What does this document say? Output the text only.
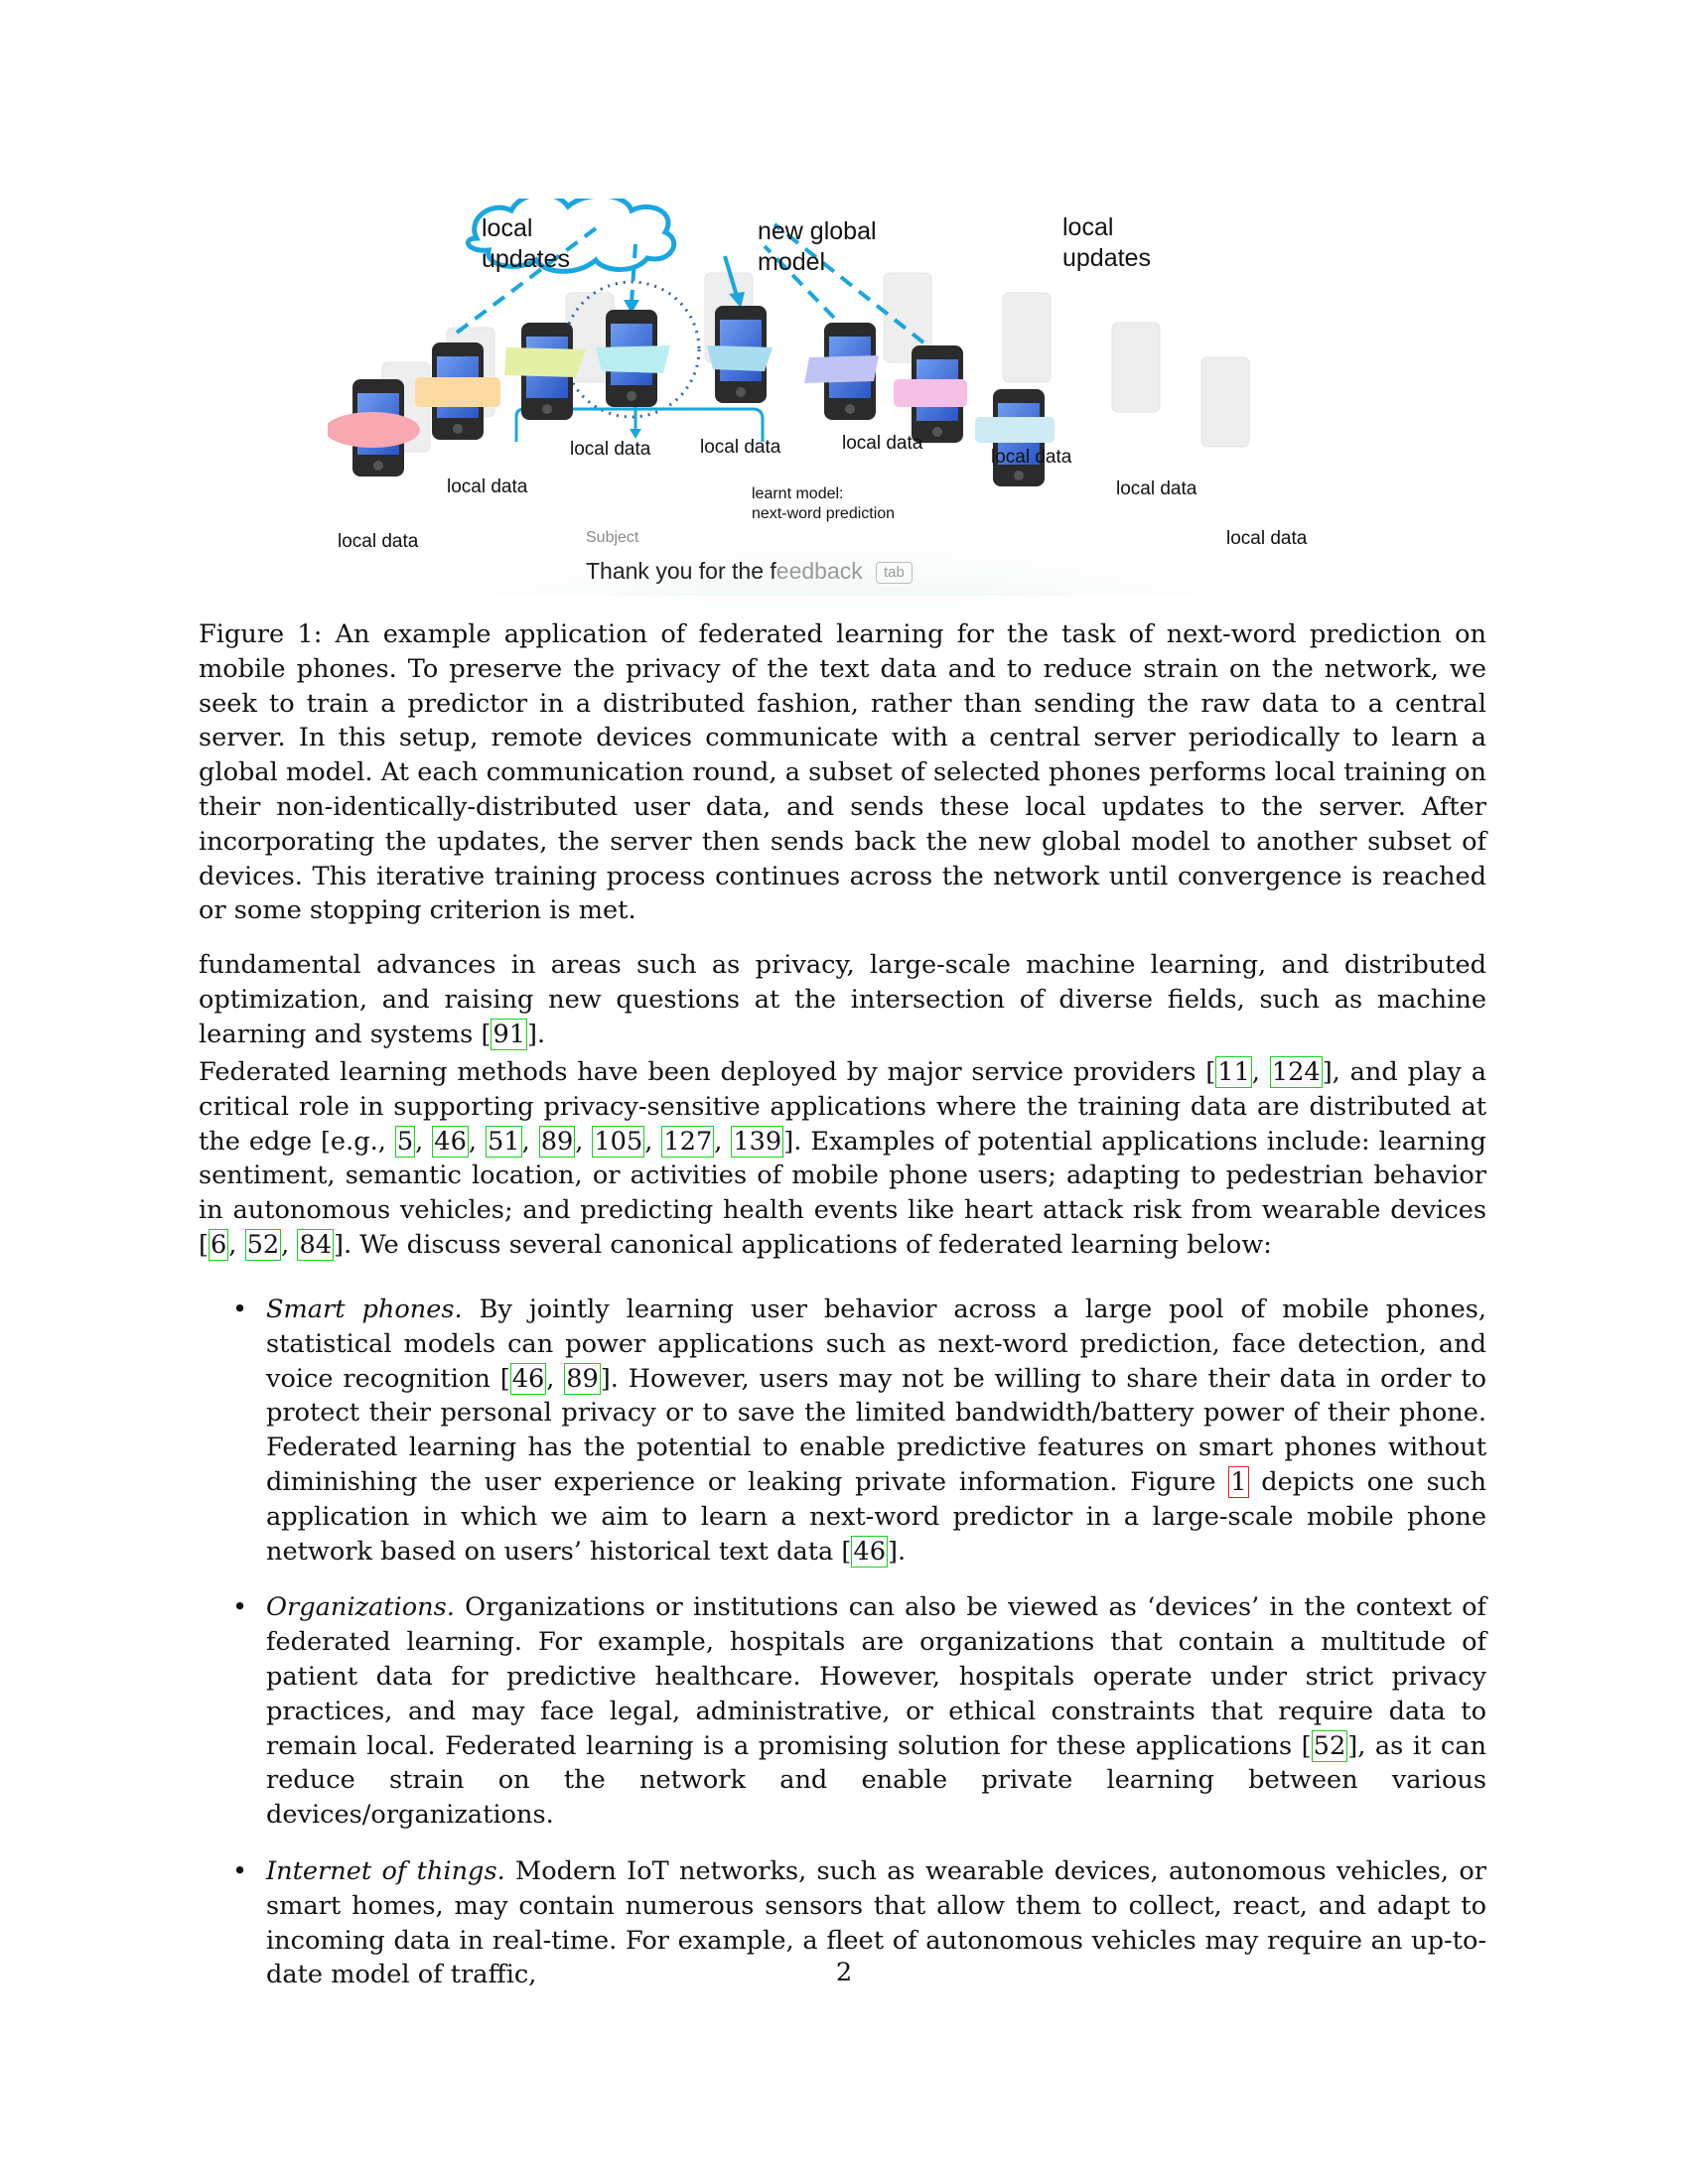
local
updates
new global
model
local
updates
learnt model:
next-word prediction
local data
local data
local data	local data	local data
local data
local data
local data
Subject
Thank you for the feedback	tab

Figure 1: An example application of federated learning for the task of next-word prediction on mobile phones. To preserve the privacy of the text data and to reduce strain on the network, we seek to train a predictor in a distributed fashion, rather than sending the raw data to a central server. In this setup, remote devices communicate with a central server periodically to learn a global model. At each communication round, a subset of selected phones performs local training on their non-identically-distributed user data, and sends these local updates to the server. After incorporating the updates, the server then sends back the new global model to another subset of devices. This iterative training process continues across the network until convergence is reached or some stopping criterion is met.

fundamental advances in areas such as privacy, large-scale machine learning, and distributed optimization, and raising new questions at the intersection of diverse fields, such as machine learning and systems [91].

Federated learning methods have been deployed by major service providers [11, 124], and play a critical role in supporting privacy-sensitive applications where the training data are distributed at the edge [e.g., 5, 46, 51, 89, 105, 127, 139]. Examples of potential applications include: learning sentiment, semantic location, or activities of mobile phone users; adapting to pedestrian behavior in autonomous vehicles; and predicting health events like heart attack risk from wearable devices [6, 52, 84]. We discuss several canonical applications of federated learning below:

• Smart phones. By jointly learning user behavior across a large pool of mobile phones, statistical models can power applications such as next-word prediction, face detection, and voice recognition [46, 89]. However, users may not be willing to share their data in order to protect their personal privacy or to save the limited bandwidth/battery power of their phone. Federated learning has the potential to enable predictive features on smart phones without diminishing the user experience or leaking private information. Figure 1 depicts one such application in which we aim to learn a next-word predictor in a large-scale mobile phone network based on users’ historical text data [46].
• Organizations. Organizations or institutions can also be viewed as ‘devices’ in the context of federated learning. For example, hospitals are organizations that contain a multitude of patient data for predictive healthcare. However, hospitals operate under strict privacy practices, and may face legal, administrative, or ethical constraints that require data to remain local. Federated learning is a promising solution for these applications [52], as it can reduce strain on the network and enable private learning between various devices/organizations.
• Internet of things. Modern IoT networks, such as wearable devices, autonomous vehicles, or smart homes, may contain numerous sensors that allow them to collect, react, and adapt to incoming data in real-time. For example, a fleet of autonomous vehicles may require an up-to-date model of traffic,	2
